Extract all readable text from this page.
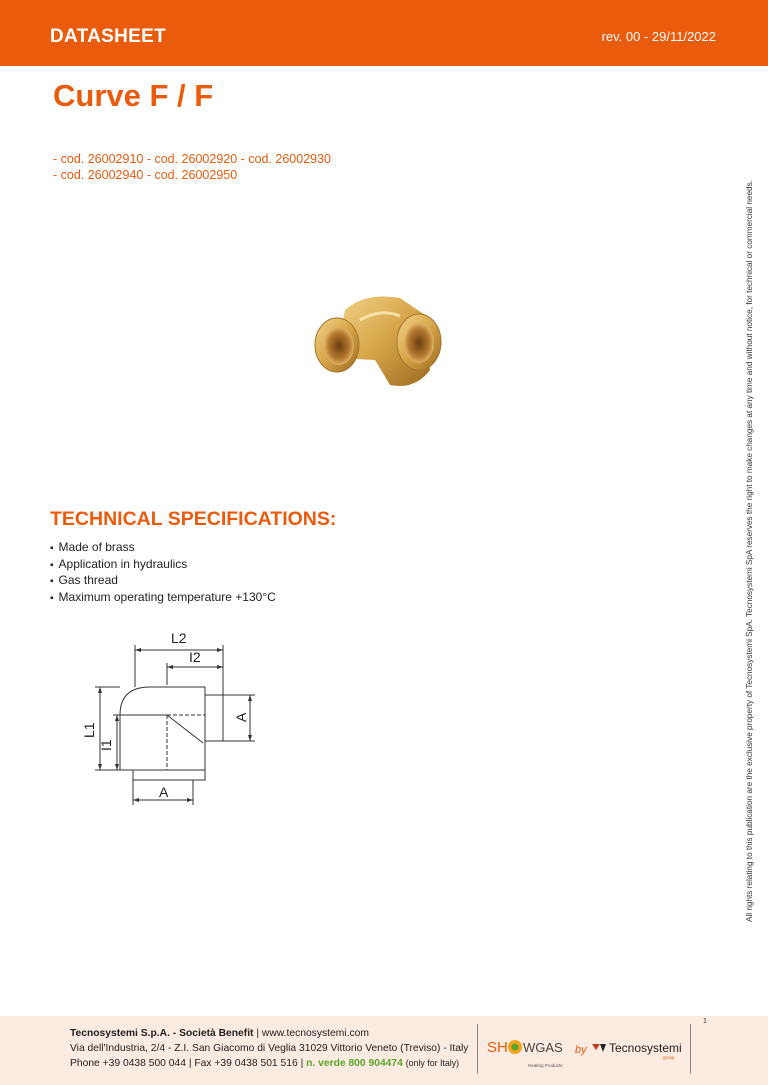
DATASHEET	rev. 00 - 29/11/2022
Curve F / F
- cod. 26002910 - cod. 26002920 - cod. 26002930
- cod. 26002940 - cod. 26002950
TECHNICAL SPECIFICATIONS:
▪ Made of brass
▪ Application in hydraulics
▪ Gas thread
▪ Maximum operating temperature +130°C
L2
I2
L1
I1
A
A	All rights relating to this publication are the exclusive property of Tecnosystemi SpA. Tecnosystemi SpA reserves the right to make changes at any time and without notice, for technical or commercial needs.
Tecnosystemi S.p.A. - Società Benefit | www.tecnosystemi.com
Via dell'Industria, 2/4 - Z.I. San Giacomo di Veglia 31029 Vittorio Veneto (Treviso) - Italy
Phone +39 0438 500 044 | Fax +39 0438 501 516 | n. verde 800 904474 (only for Italy)
SH WGAS
Heating Products
by Tecnosystemi
group
1
